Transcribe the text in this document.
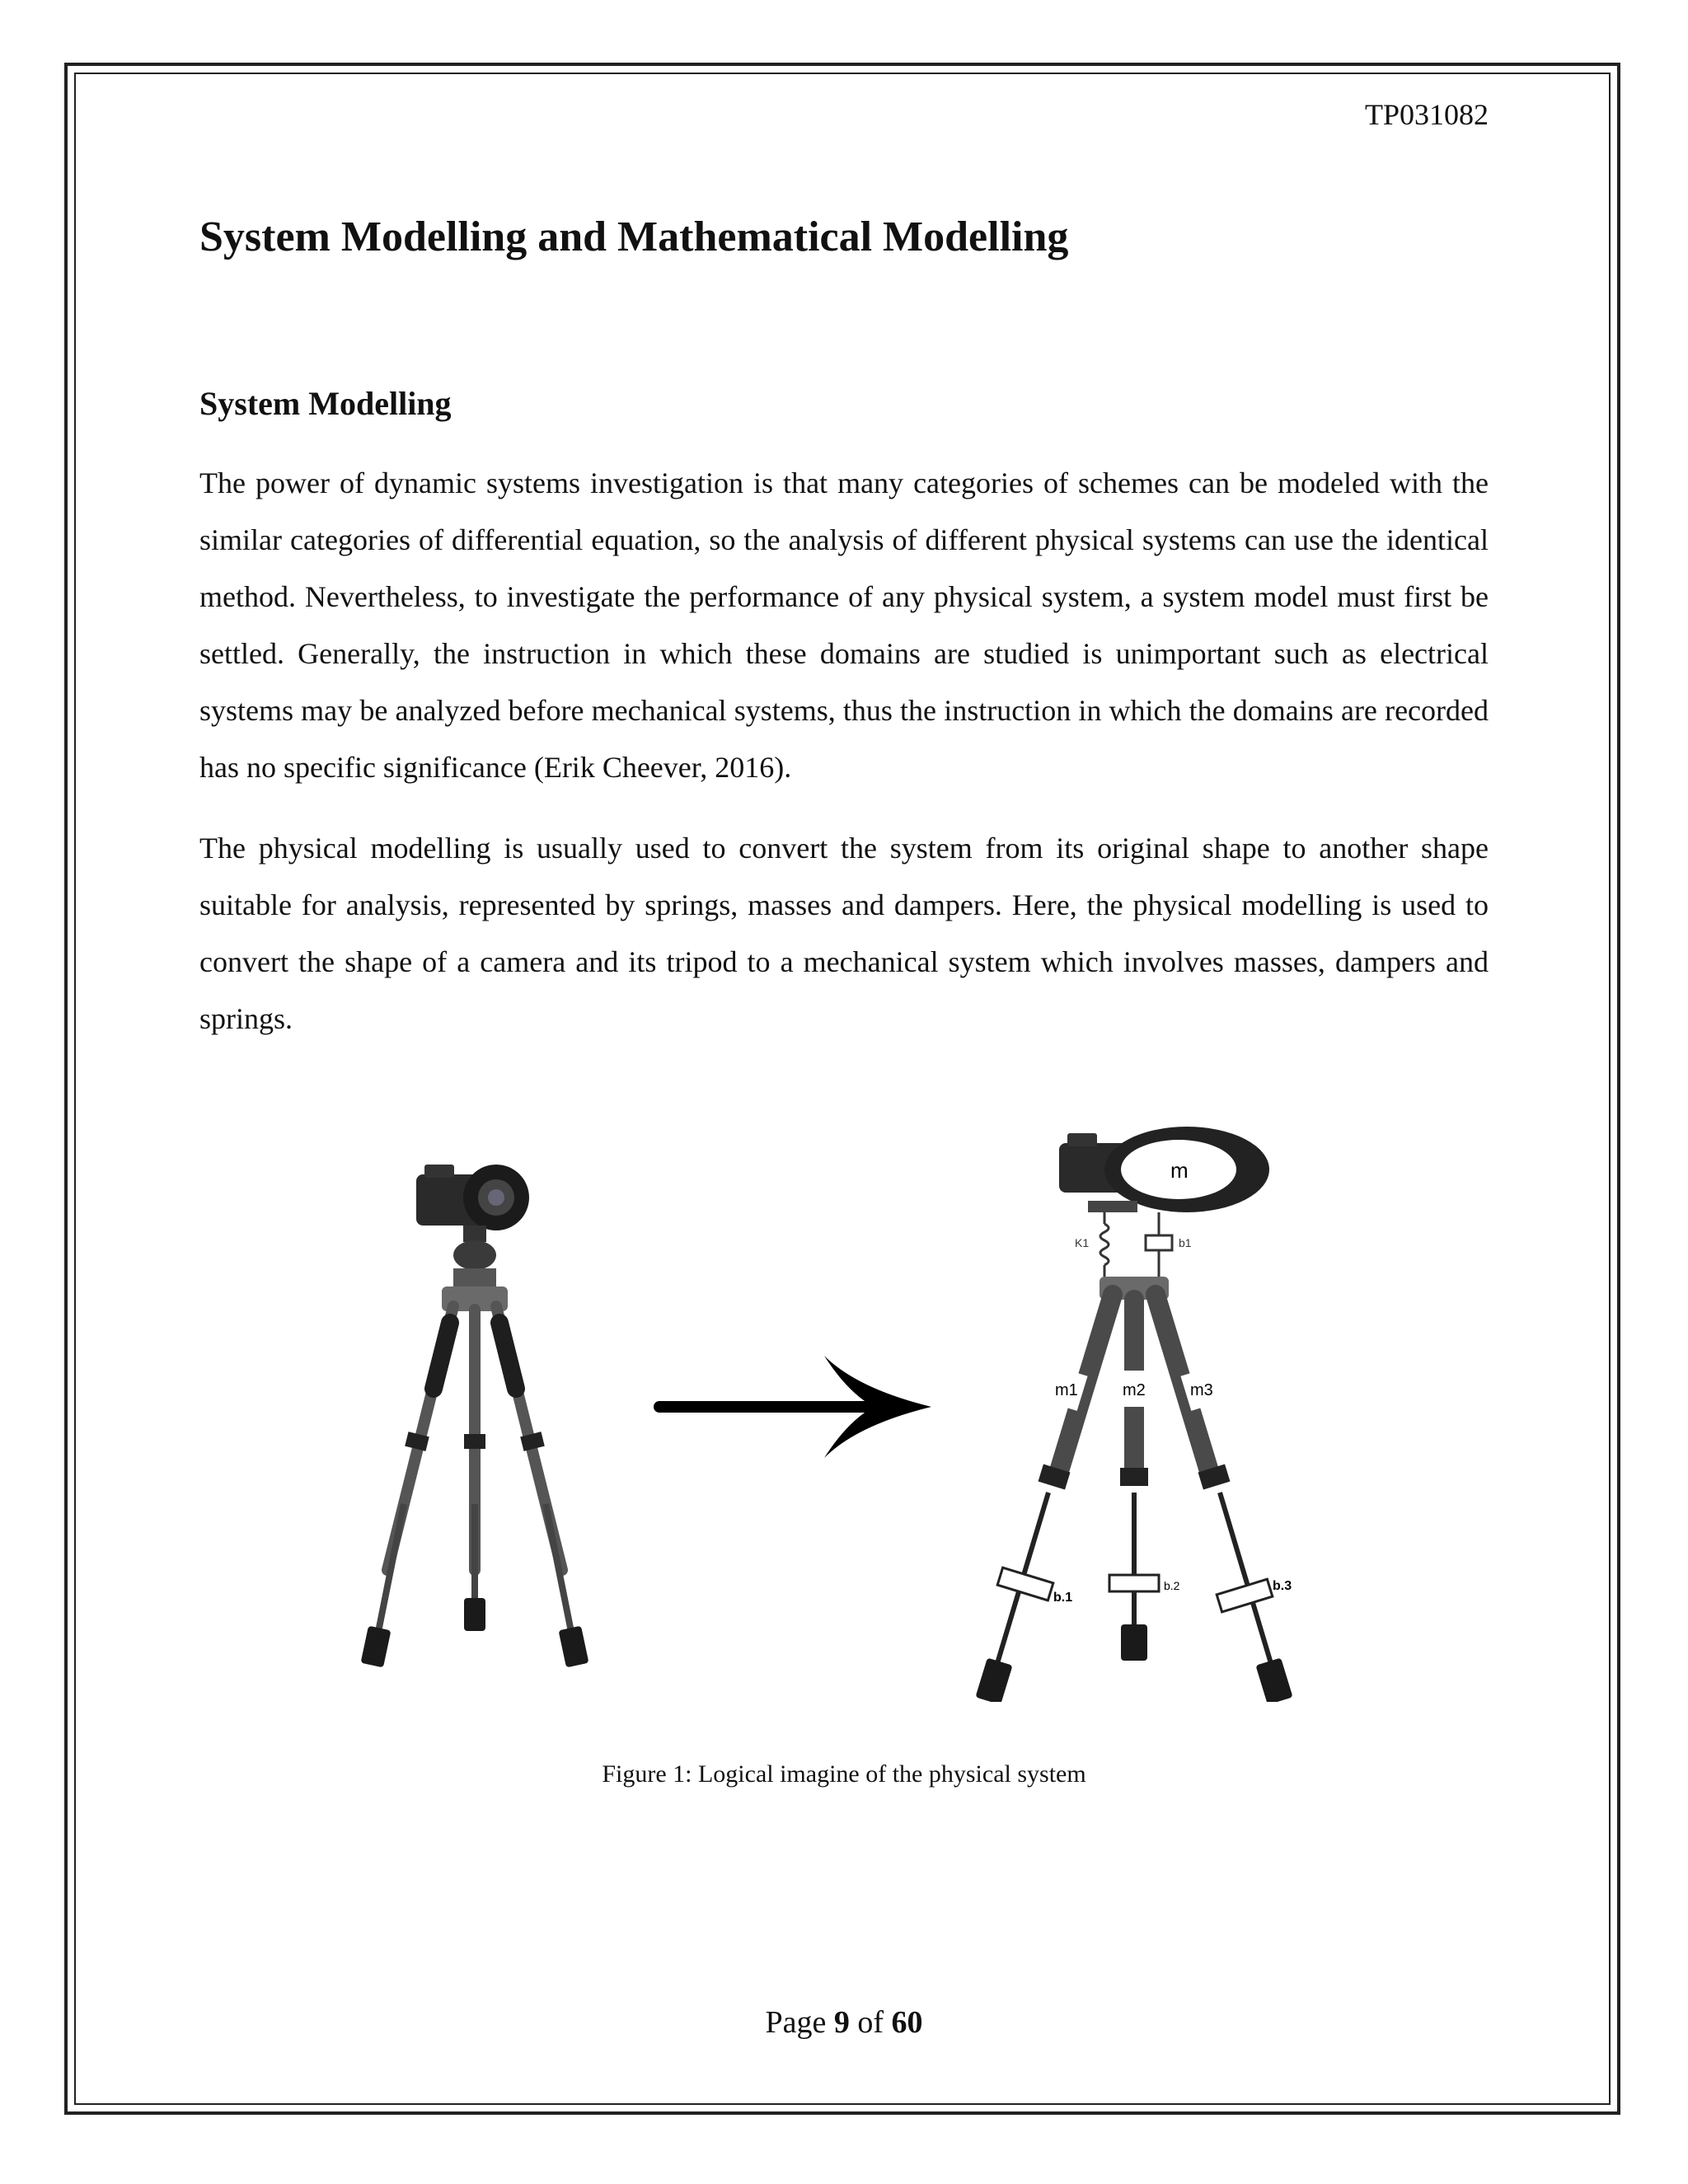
TP031082
System Modelling and Mathematical Modelling
System Modelling

The power of dynamic systems investigation is that many categories of schemes can be modeled with the similar categories of differential equation, so the analysis of different physical systems can use the identical method. Nevertheless, to investigate the performance of any physical system, a system model must first be settled. Generally, the instruction in which these domains are studied is unimportant such as electrical systems may be analyzed before mechanical systems, thus the instruction in which the domains are recorded has no specific significance (Erik Cheever, 2016).

The physical modelling is usually used to convert the system from its original shape to another shape suitable for analysis, represented by springs, masses and dampers. Here, the physical modelling is used to convert the shape of a camera and its tripod to a mechanical system which involves masses, dampers and springs.

m
K1	b1
m1	m2	m3
b.1
b.2	b.3
Figure 1: Logical imagine of the physical system
Page 9 of 60
